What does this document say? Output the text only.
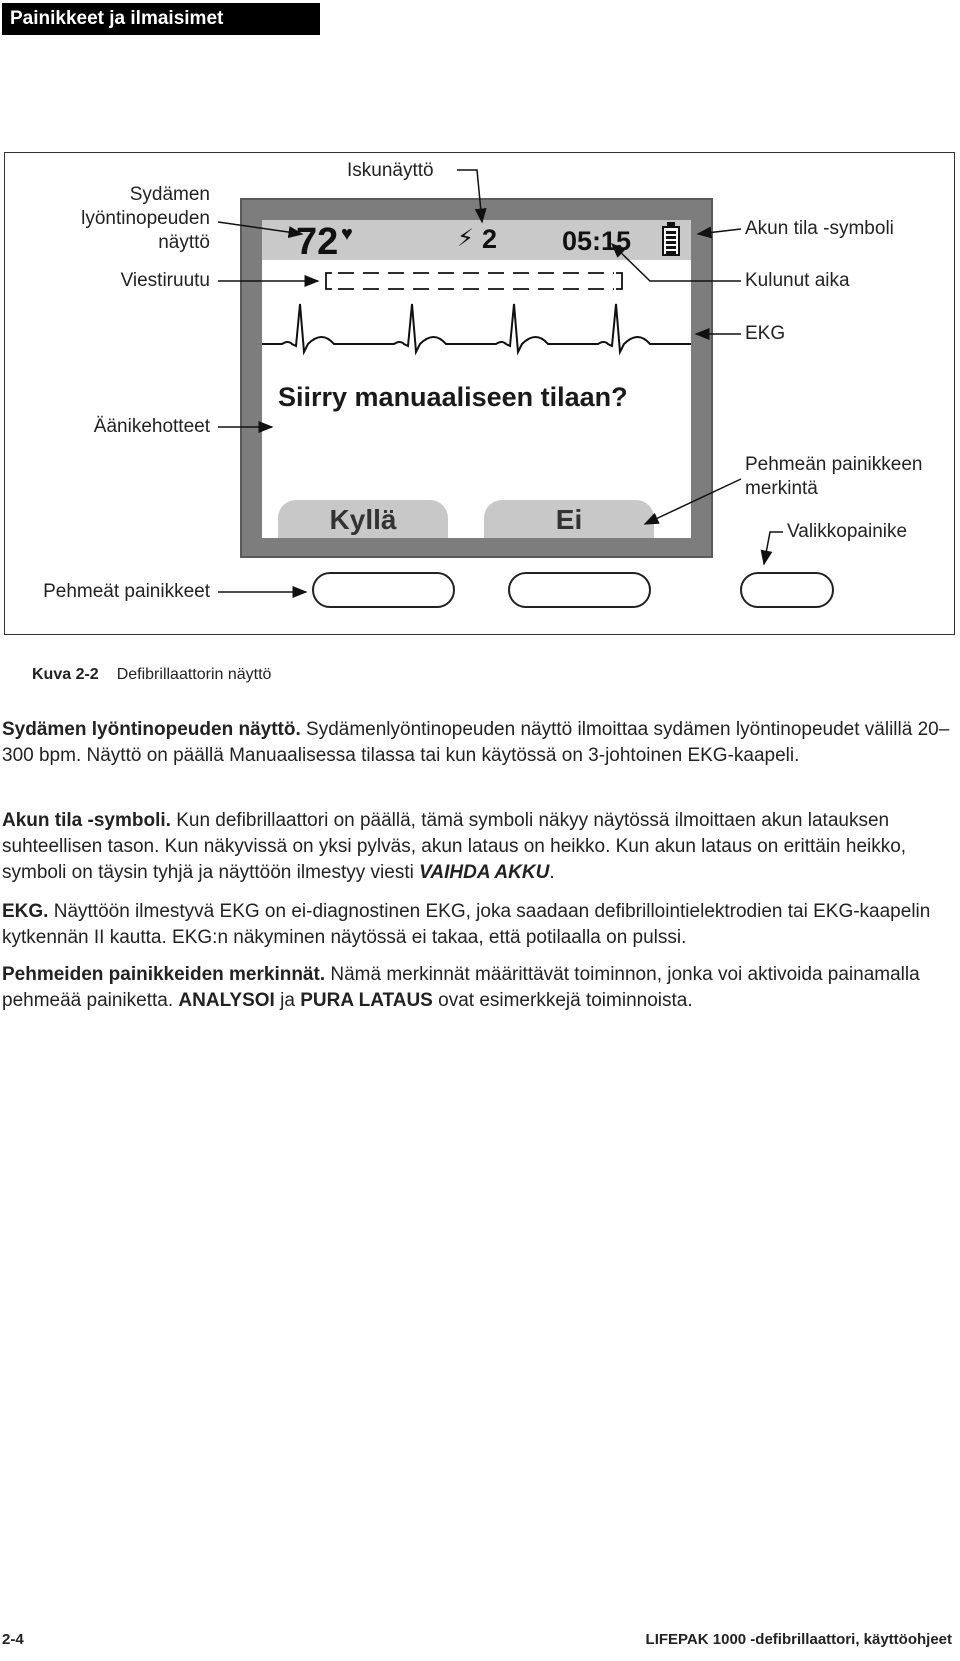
Painikkeet ja ilmaisimet
72 ♥	⚡ 2 05:15
Siirry manuaaliseen tilaan?
Kyllä	Ei
Sydämen lyöntinopeuden näyttö
Iskunäyttö
Akun tila -symboli
Viestiruutu	Kulunut aika
EKG
Äänikehotteet
Pehmeän painikkeen merkintä
Valikkopainike
Pehmeät painikkeet
Kuva 2-2 Defibrillaattorin näyttö
Sydämen lyöntinopeuden näyttö. Sydämenlyöntinopeuden näyttö ilmoittaa sydämen lyöntinopeudet välillä 20–300 bpm. Näyttö on päällä Manuaalisessa tilassa tai kun käytössä on 3-johtoinen EKG-kaapeli.
Akun tila -symboli. Kun defibrillaattori on päällä, tämä symboli näkyy näytössä ilmoittaen akun latauksen suhteellisen tason. Kun näkyvissä on yksi pylväs, akun lataus on heikko. Kun akun lataus on erittäin heikko, symboli on täysin tyhjä ja näyttöön ilmestyy viesti VAIHDA AKKU.
EKG. Näyttöön ilmestyvä EKG on ei-diagnostinen EKG, joka saadaan defibrillointielektrodien tai EKG-kaapelin kytkennän II kautta. EKG:n näkyminen näytössä ei takaa, että potilaalla on pulssi.
Pehmeiden painikkeiden merkinnät. Nämä merkinnät määrittävät toiminnon, jonka voi aktivoida painamalla pehmeää painiketta. ANALYSOI ja PURA LATAUS ovat esimerkkejä toiminnoista.
2-4	LIFEPAK 1000 -defibrillaattori, käyttöohjeet
